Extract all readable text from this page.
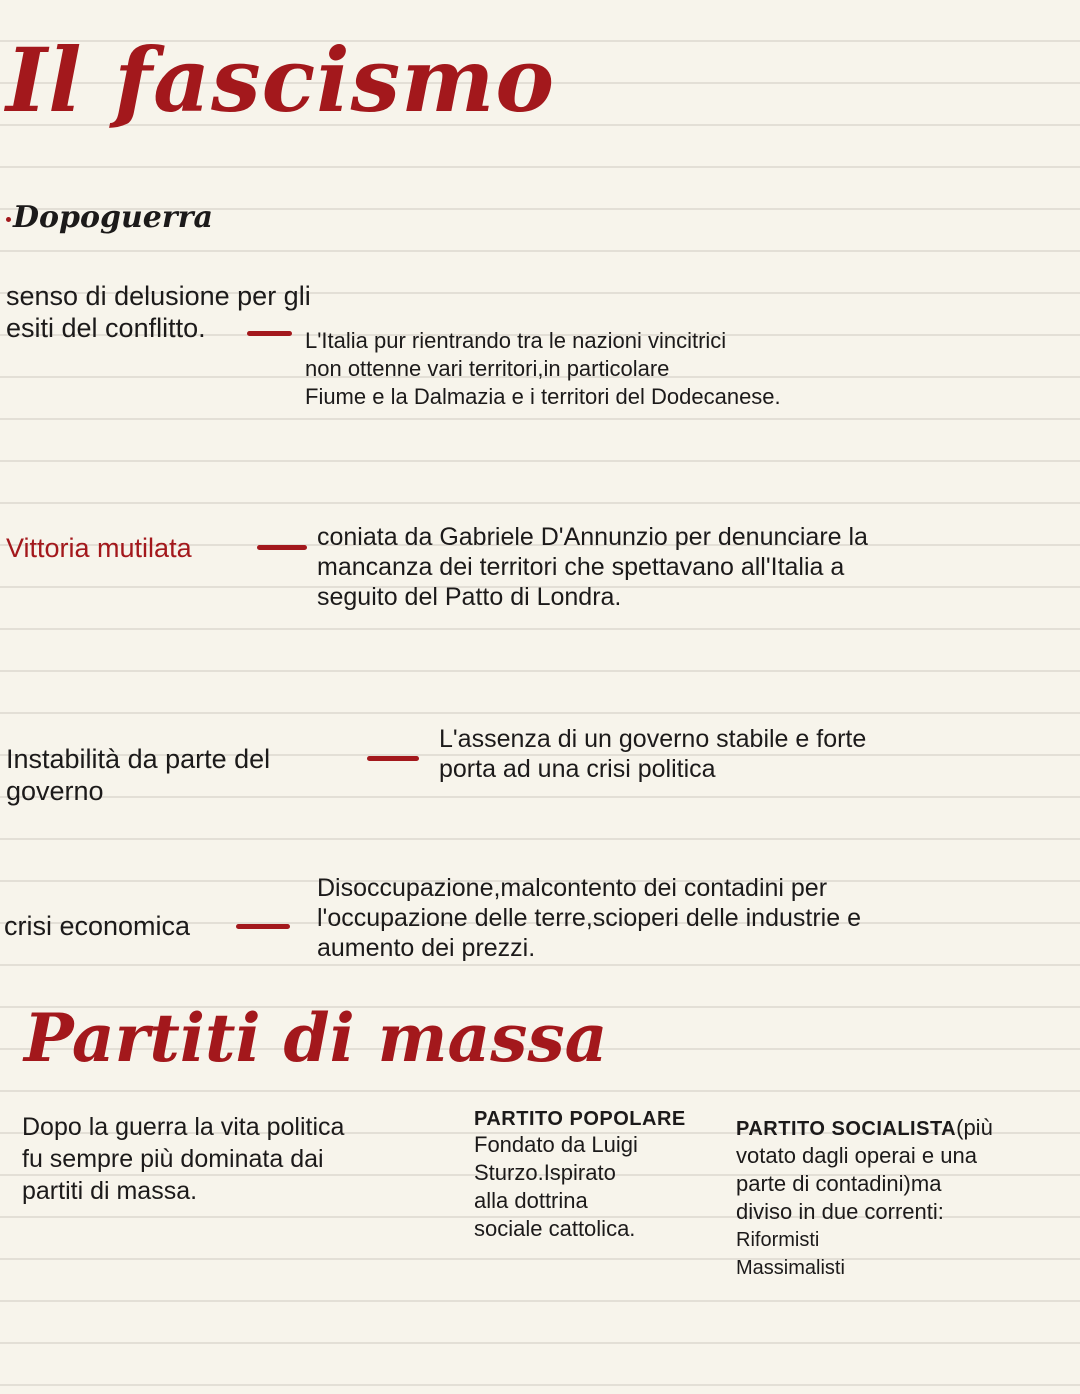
Il fascismo
Dopoguerra
senso di delusione per gli
esiti del conflitto.	L'Italia pur rientrando tra le nazioni vincitrici
non ottenne vari territori,in particolare
Fiume e la Dalmazia e i territori del Dodecanese.
Vittoria mutilata	coniata da Gabriele D'Annunzio per denunciare la
mancanza dei territori che spettavano all'Italia a
seguito del Patto di Londra.
Instabilità da parte del
governo
L'assenza di un governo stabile e forte
porta ad una crisi politica
crisi economica
Disoccupazione,malcontento dei contadini per
l'occupazione delle terre,scioperi delle industrie e
aumento dei prezzi.
Partiti di massa
Dopo la guerra la vita politica
fu sempre più dominata dai
partiti di massa.
PARTITO POPOLARE
Fondato da Luigi
Sturzo.Ispirato
alla dottrina
sociale cattolica.
PARTITO SOCIALISTA(più
votato dagli operai e una
parte di contadini)ma
diviso in due correnti:
Riformisti
Massimalisti
